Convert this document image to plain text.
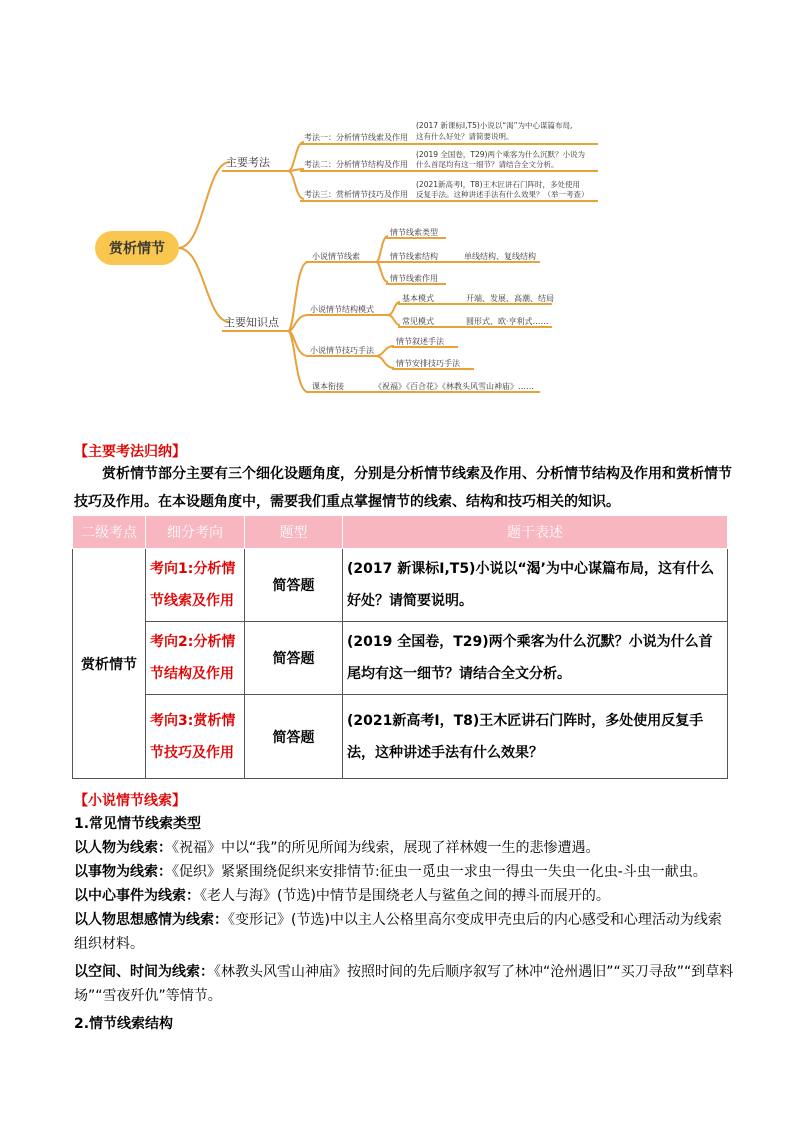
赏析情节
主要考法
主要知识点
考法一：分析情节线索及作用
考法二：分析情节结构及作用
考法三：赏析情节技巧及作用
(2017 新课标Ⅰ,T5)小说以“渴”为中心谋篇布局,
这有什么好处？请简要说明。
(2019 全国卷，T29)两个乘客为什么沉默？小说为
什么首尾均有这一细节？请结合全文分析。
(2021新高考Ⅰ，T8)王木匠讲石门阵时，多处使用
反复手法。这种讲述手法有什么效果？（举一考查）
小说情节线索
小说情节结构模式
小说情节技巧手法
课本衔接	《祝福》《百合花》《林教头风雪山神庙》……
情节线索类型
情节线索结构
情节线索作用
单线结构、复线结构
基本模式
常见模式
开端、发展、高潮、结局
圆形式、欧·亨利式……
情节叙述手法
情节安排技巧手法
【主要考法归纳】
赏析情节部分主要有三个细化设题角度，分别是分析情节线索及作用、分析情节结构及作用和赏析情节技巧及作用。在本设题角度中，需要我们重点掌握情节的线索、结构和技巧相关的知识。
二级考点	细分考向	题型	题干表述
赏析情节	考向1:分析情节线索及作用	简答题	(2017 新课标Ⅰ,T5)小说以“渴’为中心谋篇布局，这有什么好处？请简要说明。
	考向2:分析情节结构及作用	简答题	(2019 全国卷，T29)两个乘客为什么沉默？小说为什么首尾均有这一细节？请结合全文分析。
	考向3:赏析情节技巧及作用	简答题	(2021新高考Ⅰ，T8)王木匠讲石门阵时，多处使用反复手法，这种讲述手法有什么效果？
【小说情节线索】
1.常见情节线索类型
以人物为线索：《祝福》中以“我”的所见所闻为线索，展现了祥林嫂一生的悲惨遭遇。
以事物为线索：《促织》紧紧围绕促织来安排情节:征虫一觅虫一求虫一得虫一失虫一化虫-斗虫一献虫。
以中心事件为线索：《老人与海》(节选)中情节是围绕老人与鲨鱼之间的搏斗而展开的。
以人物思想感情为线索：《变形记》(节选)中以主人公格里高尔变成甲壳虫后的内心感受和心理活动为线索组织材料。
以空间、时间为线索：《林教头风雪山神庙》按照时间的先后顺序叙写了林冲“沧州遇旧”“买刀寻敌”“到草料场”“雪夜歼仇”等情节。
2.情节线索结构
